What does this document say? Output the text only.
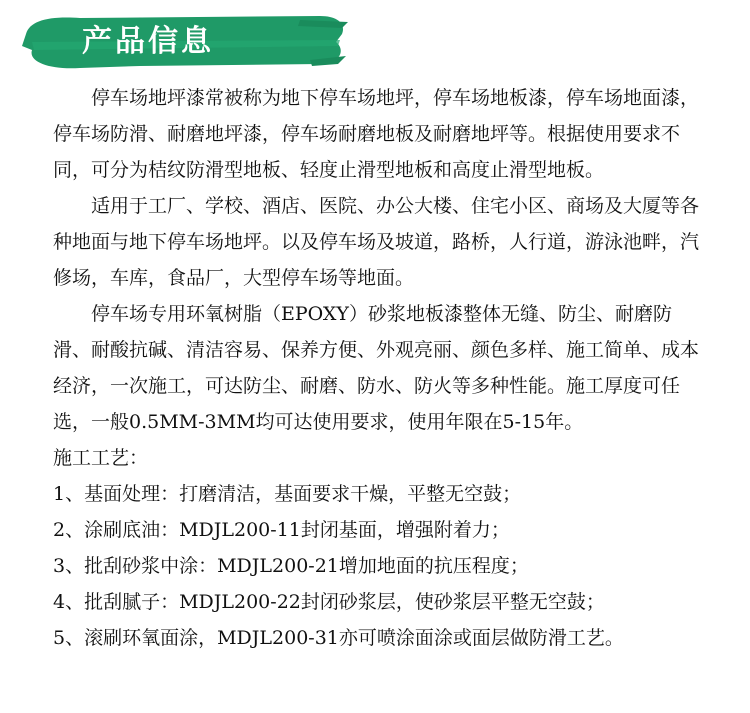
产品信息

停车场地坪漆常被称为地下停车场地坪，停车场地板漆，停车场地面漆，停车场防滑、耐磨地坪漆，停车场耐磨地板及耐磨地坪等。根据使用要求不同，可分为桔纹防滑型地板、轻度止滑型地板和高度止滑型地板。

适用于工厂、学校、酒店、医院、办公大楼、住宅小区、商场及大厦等各种地面与地下停车场地坪。以及停车场及坡道，路桥，人行道，游泳池畔，汽修场，车库，食品厂，大型停车场等地面。

停车场专用环氧树脂（EPOXY）砂浆地板漆整体无缝、防尘、耐磨防滑、耐酸抗碱、清洁容易、保养方便、外观亮丽、颜色多样、施工简单、成本经济，一次施工，可达防尘、耐磨、防水、防火等多种性能。施工厚度可任选，一般0.5MM-3MM均可达使用要求，使用年限在5-15年。

施工工艺：

1、基面处理：打磨清洁，基面要求干燥，平整无空鼓；

2、涂刷底油：MDJL200-11封闭基面，增强附着力；

3、批刮砂浆中涂：MDJL200-21增加地面的抗压程度；

4、批刮腻子：MDJL200-22封闭砂浆层，使砂浆层平整无空鼓；

5、滚刷环氧面涂，MDJL200-31亦可喷涂面涂或面层做防滑工艺。
